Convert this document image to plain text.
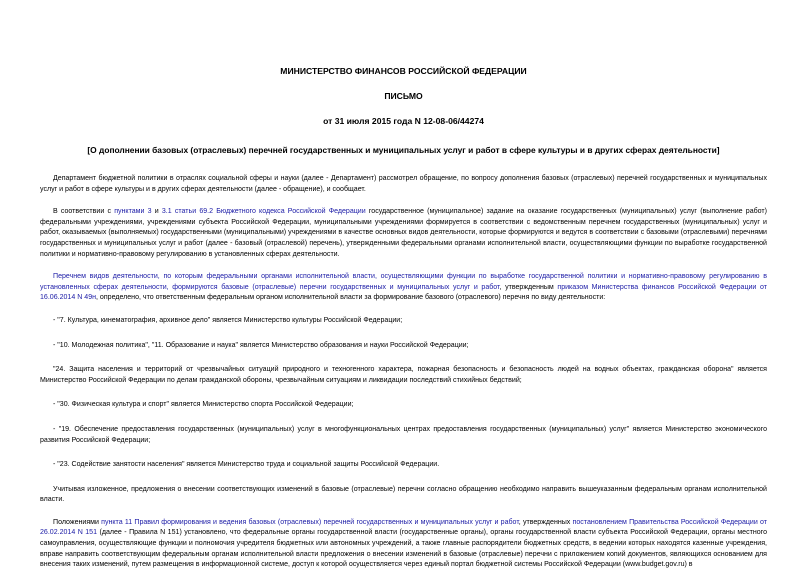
МИНИСТЕРСТВО ФИНАНСОВ РОССИЙСКОЙ ФЕДЕРАЦИИ
ПИСЬМО
от 31 июля 2015 года N 12-08-06/44274
[О дополнении базовых (отраслевых) перечней государственных и муниципальных услуг и работ в сфере культуры и в других сферах деятельности]

Департамент бюджетной политики в отраслях социальной сферы и науки (далее - Департамент) рассмотрел обращение, по вопросу дополнения базовых (отраслевых) перечней государственных и муниципальных услуг и работ в сфере культуры и в других сферах деятельности (далее - обращение), и сообщает.

В соответствии с пунктами 3 и 3.1 статьи 69.2 Бюджетного кодекса Российской Федерации государственное (муниципальное) задание на оказание государственных (муниципальных) услуг (выполнение работ) федеральными учреждениями, учреждениями субъекта Российской Федерации, муниципальными учреждениями формируется в соответствии с ведомственным перечнем государственных (муниципальных) услуг и работ, оказываемых (выполняемых) государственными (муниципальными) учреждениями в качестве основных видов деятельности, которые формируются и ведутся в соответствии с базовыми (отраслевыми) перечнями государственных и муниципальных услуг и работ (далее - базовый (отраслевой) перечень), утвержденными федеральными органами исполнительной власти, осуществляющими функции по выработке государственной политики и нормативно-правовому регулированию в установленных сферах деятельности.

Перечнем видов деятельности, по которым федеральными органами исполнительной власти, осуществляющими функции по выработке государственной политики и нормативно-правовому регулированию в установленных сферах деятельности, формируются базовые (отраслевые) перечни государственных и муниципальных услуг и работ, утвержденным приказом Министерства финансов Российской Федерации от 16.06.2014 N 49н, определено, что ответственным федеральным органом исполнительной власти за формирование базового (отраслевого) перечня по виду деятельности:

- "7. Культура, кинематография, архивное дело" является Министерство культуры Российской Федерации;

- "10. Молодежная политика", "11. Образование и наука" является Министерство образования и науки Российской Федерации;

"24. Защита населения и территорий от чрезвычайных ситуаций природного и техногенного характера, пожарная безопасность и безопасность людей на водных объектах, гражданская оборона" является Министерство Российской Федерации по делам гражданской обороны, чрезвычайным ситуациям и ликвидации последствий стихийных бедствий;

- "30. Физическая культура и спорт" является Министерство спорта Российской Федерации;

- "19. Обеспечение предоставления государственных (муниципальных) услуг в многофункциональных центрах предоставления государственных (муниципальных) услуг" является Министерство экономического развития Российской Федерации;

- "23. Содействие занятости населения" является Министерство труда и социальной защиты Российской Федерации.

Учитывая изложенное, предложения о внесении соответствующих изменений в базовые (отраслевые) перечни согласно обращению необходимо направить вышеуказанным федеральным органам исполнительной власти.

Положениями пункта 11 Правил формирования и ведения базовых (отраслевых) перечней государственных и муниципальных услуг и работ, утвержденных постановлением Правительства Российской Федерации от 26.02.2014 N 151 (далее - Правила N 151) установлено, что федеральные органы государственной власти (государственные органы), органы государственной власти субъекта Российской Федерации, органы местного самоуправления, осуществляющие функции и полномочия учредителя бюджетных или автономных учреждений, а также главные распорядители бюджетных средств, в ведении которых находятся казенные учреждения, вправе направить соответствующим федеральным органам исполнительной власти предложения о внесении изменений в базовые (отраслевые) перечни с приложением копий документов, являющихся основанием для внесения таких изменений, путем размещения в информационной системе, доступ к которой осуществляется через единый портал бюджетной системы Российской Федерации (www.budget.gov.ru) в
